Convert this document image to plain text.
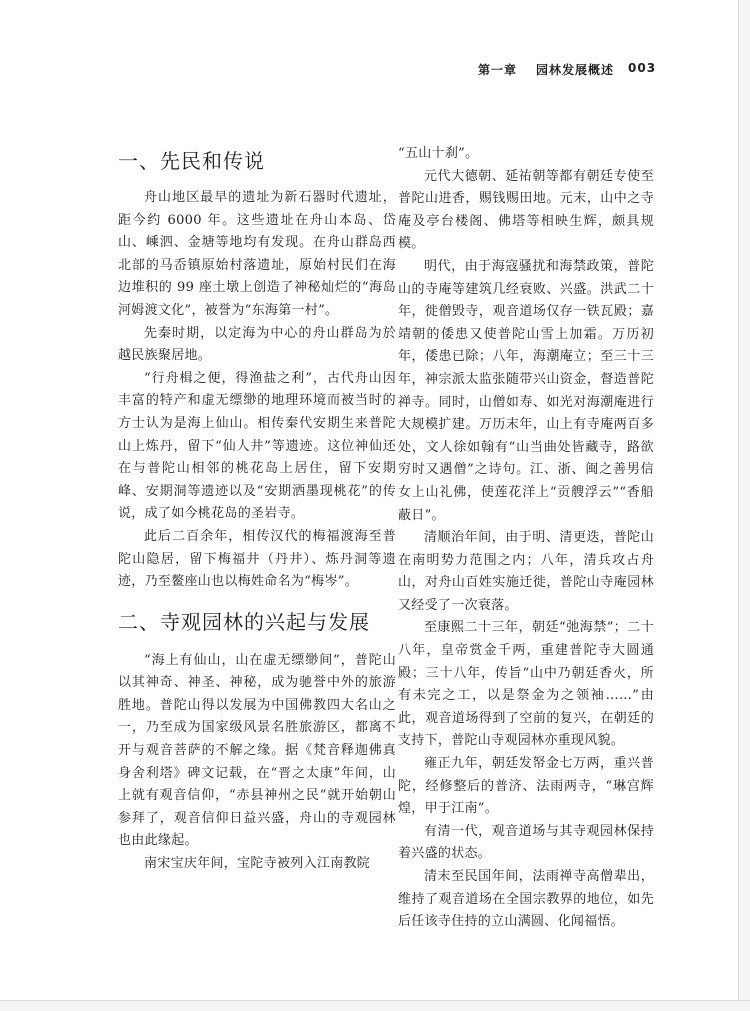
第一章 园林发展概述 003
一、先民和传说

舟山地区最早的遗址为新石器时代遗址，距今约 6000 年。这些遗址在舟山本岛、岱山、嵊泗、金塘等地均有发现。在舟山群岛西北部的马岙镇原始村落遗址，原始村民们在海边堆积的 99 座土墩上创造了神秘灿烂的“海岛河姆渡文化”，被誉为“东海第一村”。

先秦时期，以定海为中心的舟山群岛为於越民族聚居地。

“行舟楫之便，得渔盐之利”，古代舟山因丰富的特产和虚无缥缈的地理环境而被当时的方士认为是海上仙山。相传秦代安期生来普陀山上炼丹，留下“仙人井”等遗迹。这位神仙还在与普陀山相邻的桃花岛上居住，留下安期峰、安期洞等遗迹以及“安期洒墨现桃花”的传说，成了如今桃花岛的圣岩寺。

此后二百余年，相传汉代的梅福渡海至普陀山隐居，留下梅福井（丹井）、炼丹洞等遗迹，乃至鳌座山也以梅姓命名为“梅岑”。

二、寺观园林的兴起与发展

“海上有仙山，山在虚无缥缈间”，普陀山以其神奇、神圣、神秘，成为驰誉中外的旅游胜地。普陀山得以发展为中国佛教四大名山之一，乃至成为国家级风景名胜旅游区，都离不开与观音菩萨的不解之缘。据《梵音释迦佛真身舍利塔》碑文记载，在“晋之太康”年间，山上就有观音信仰，“赤县神州之民”就开始朝山参拜了，观音信仰日益兴盛，舟山的寺观园林也由此缘起。

南宋宝庆年间，宝陀寺被列入江南教院

“五山十刹”。

元代大德朝、延祐朝等都有朝廷专使至普陀山进香，赐钱赐田地。元末，山中之寺庵及亭台楼阁、佛塔等相映生辉，颇具规模。

明代，由于海寇骚扰和海禁政策，普陀山的寺庵等建筑几经衰败、兴盛。洪武二十年，徙僧毁寺，观音道场仅存一铁瓦殿；嘉靖朝的倭患又使普陀山雪上加霜。万历初年，倭患已除；八年，海潮庵立；至三十三年，神宗派太监张随带兴山资金，督造普陀禅寺。同时，山僧如寿、如光对海潮庵进行大规模扩建。万历末年，山上有寺庵两百多处，文人徐如翰有“山当曲处皆藏寺，路欲穷时又遇僧”之诗句。江、浙、闽之善男信女上山礼佛，使莲花洋上“贡艘浮云”“香船蔽日”。

清顺治年间，由于明、清更迭，普陀山在南明势力范围之内；八年，清兵攻占舟山，对舟山百姓实施迁徙，普陀山寺庵园林又经受了一次衰落。

至康熙二十三年，朝廷“弛海禁”；二十八年，皇帝赏金千两，重建普陀寺大圆通殿；三十八年，传旨“山中乃朝廷香火，所有未完之工，以是祭金为之领袖……”由此，观音道场得到了空前的复兴，在朝廷的支持下，普陀山寺观园林亦重现风貌。

雍正九年，朝廷发帑金七万两，重兴普陀，经修整后的普济、法雨两寺，“琳宫辉煌，甲于江南”。

有清一代，观音道场与其寺观园林保持着兴盛的状态。

清末至民国年间，法雨禅寺高僧辈出，维持了观音道场在全国宗教界的地位，如先后任该寺住持的立山满圆、化闻福悟。
